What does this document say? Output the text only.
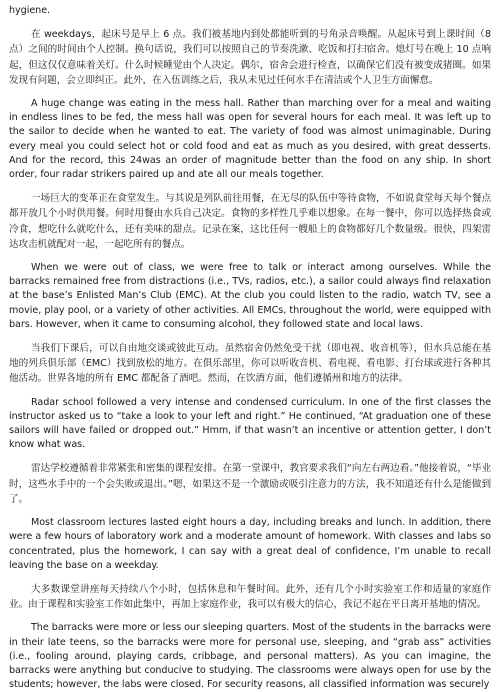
hygiene.

在 weekdays，起床号是早上 6 点。我们被基地内到处都能听到的号角录音唤醒。从起床号到上课时间（8 点）之间的时间由个人控制。换句话说，我们可以按照自己的节奏洗漱、吃饭和打扫宿舍。熄灯号在晚上 10 点响起，但这仅仅意味着关灯。什么时候睡觉由个人决定。偶尔，宿舍会进行检查，以确保它们没有被变成猪圈。如果发现有问题，会立即纠正。此外，在入伍训练之后，我从未见过任何水手在清洁或个人卫生方面懈怠。

A huge change was eating in the mess hall. Rather than marching over for a meal and waiting in endless lines to be fed, the mess hall was open for several hours for each meal. It was left up to the sailor to decide when he wanted to eat. The variety of food was almost unimaginable. During every meal you could select hot or cold food and eat as much as you desired, with great desserts. And for the record, this 24was an order of magnitude better than the food on any ship. In short order, four radar strikers paired up and ate all our meals together.

一场巨大的变革正在食堂发生。与其说是列队前往用餐，在无尽的队伍中等待食物，不如说食堂每天每个餐点都开放几个小时供用餐。何时用餐由水兵自己决定。食物的多样性几乎难以想象。在每一餐中，你可以选择热食或冷食，想吃什么就吃什么，还有美味的甜点。记录在案，这比任何一艘船上的食物都好几个数量级。很快，四架雷达攻击机就配对一起，一起吃所有的餐点。

When we were out of class, we were free to talk or interact among ourselves. While the barracks remained free from distractions (i.e., TVs, radios, etc.), a sailor could always find relaxation at the base’s Enlisted Man’s Club (EMC). At the club you could listen to the radio, watch TV, see a movie, play pool, or a variety of other activities. All EMCs, throughout the world, were equipped with bars. However, when it came to consuming alcohol, they followed state and local laws.

当我们下课后，可以自由地交谈或彼此互动。虽然宿舍仍然免受干扰（即电视、收音机等），但水兵总能在基地的列兵俱乐部（EMC）找到放松的地方。在俱乐部里，你可以听收音机、看电视、看电影、打台球或进行各种其他活动。世界各地的所有 EMC 都配备了酒吧。然而，在饮酒方面，他们遵循州和地方的法律。

Radar school followed a very intense and condensed curriculum. In one of the first classes the instructor asked us to “take a look to your left and right.” He continued, “At graduation one of these sailors will have failed or dropped out.” Hmm, if that wasn’t an incentive or attention getter, I don’t know what was.

雷达学校遵循着非常紧张和密集的课程安排。在第一堂课中，教官要求我们“向左右两边看。”他接着说，“毕业时，这些水手中的一个会失败或退出。”嗯，如果这不是一个激励或吸引注意力的方法，我不知道还有什么是能做到了。

Most classroom lectures lasted eight hours a day, including breaks and lunch. In addition, there were a few hours of laboratory work and a moderate amount of homework. With classes and labs so concentrated, plus the homework, I can say with a great deal of confidence, I’m unable to recall leaving the base on a weekday.

大多数课堂讲座每天持续八个小时，包括休息和午餐时间。此外，还有几个小时实验室工作和适量的家庭作业。由于课程和实验室工作如此集中，再加上家庭作业，我可以有极大的信心，我记不起在平日离开基地的情况。

The barracks were more or less our sleeping quarters. Most of the students in the barracks were in their late teens, so the barracks were more for personal use, sleeping, and “grab ass” activities (i.e., fooling around, playing cards, cribbage, and personal matters). As you can imagine, the barracks were anything but conducive to studying. The classrooms were always open for use by the students; however, the labs were closed. For security reasons, all classified information was securely
